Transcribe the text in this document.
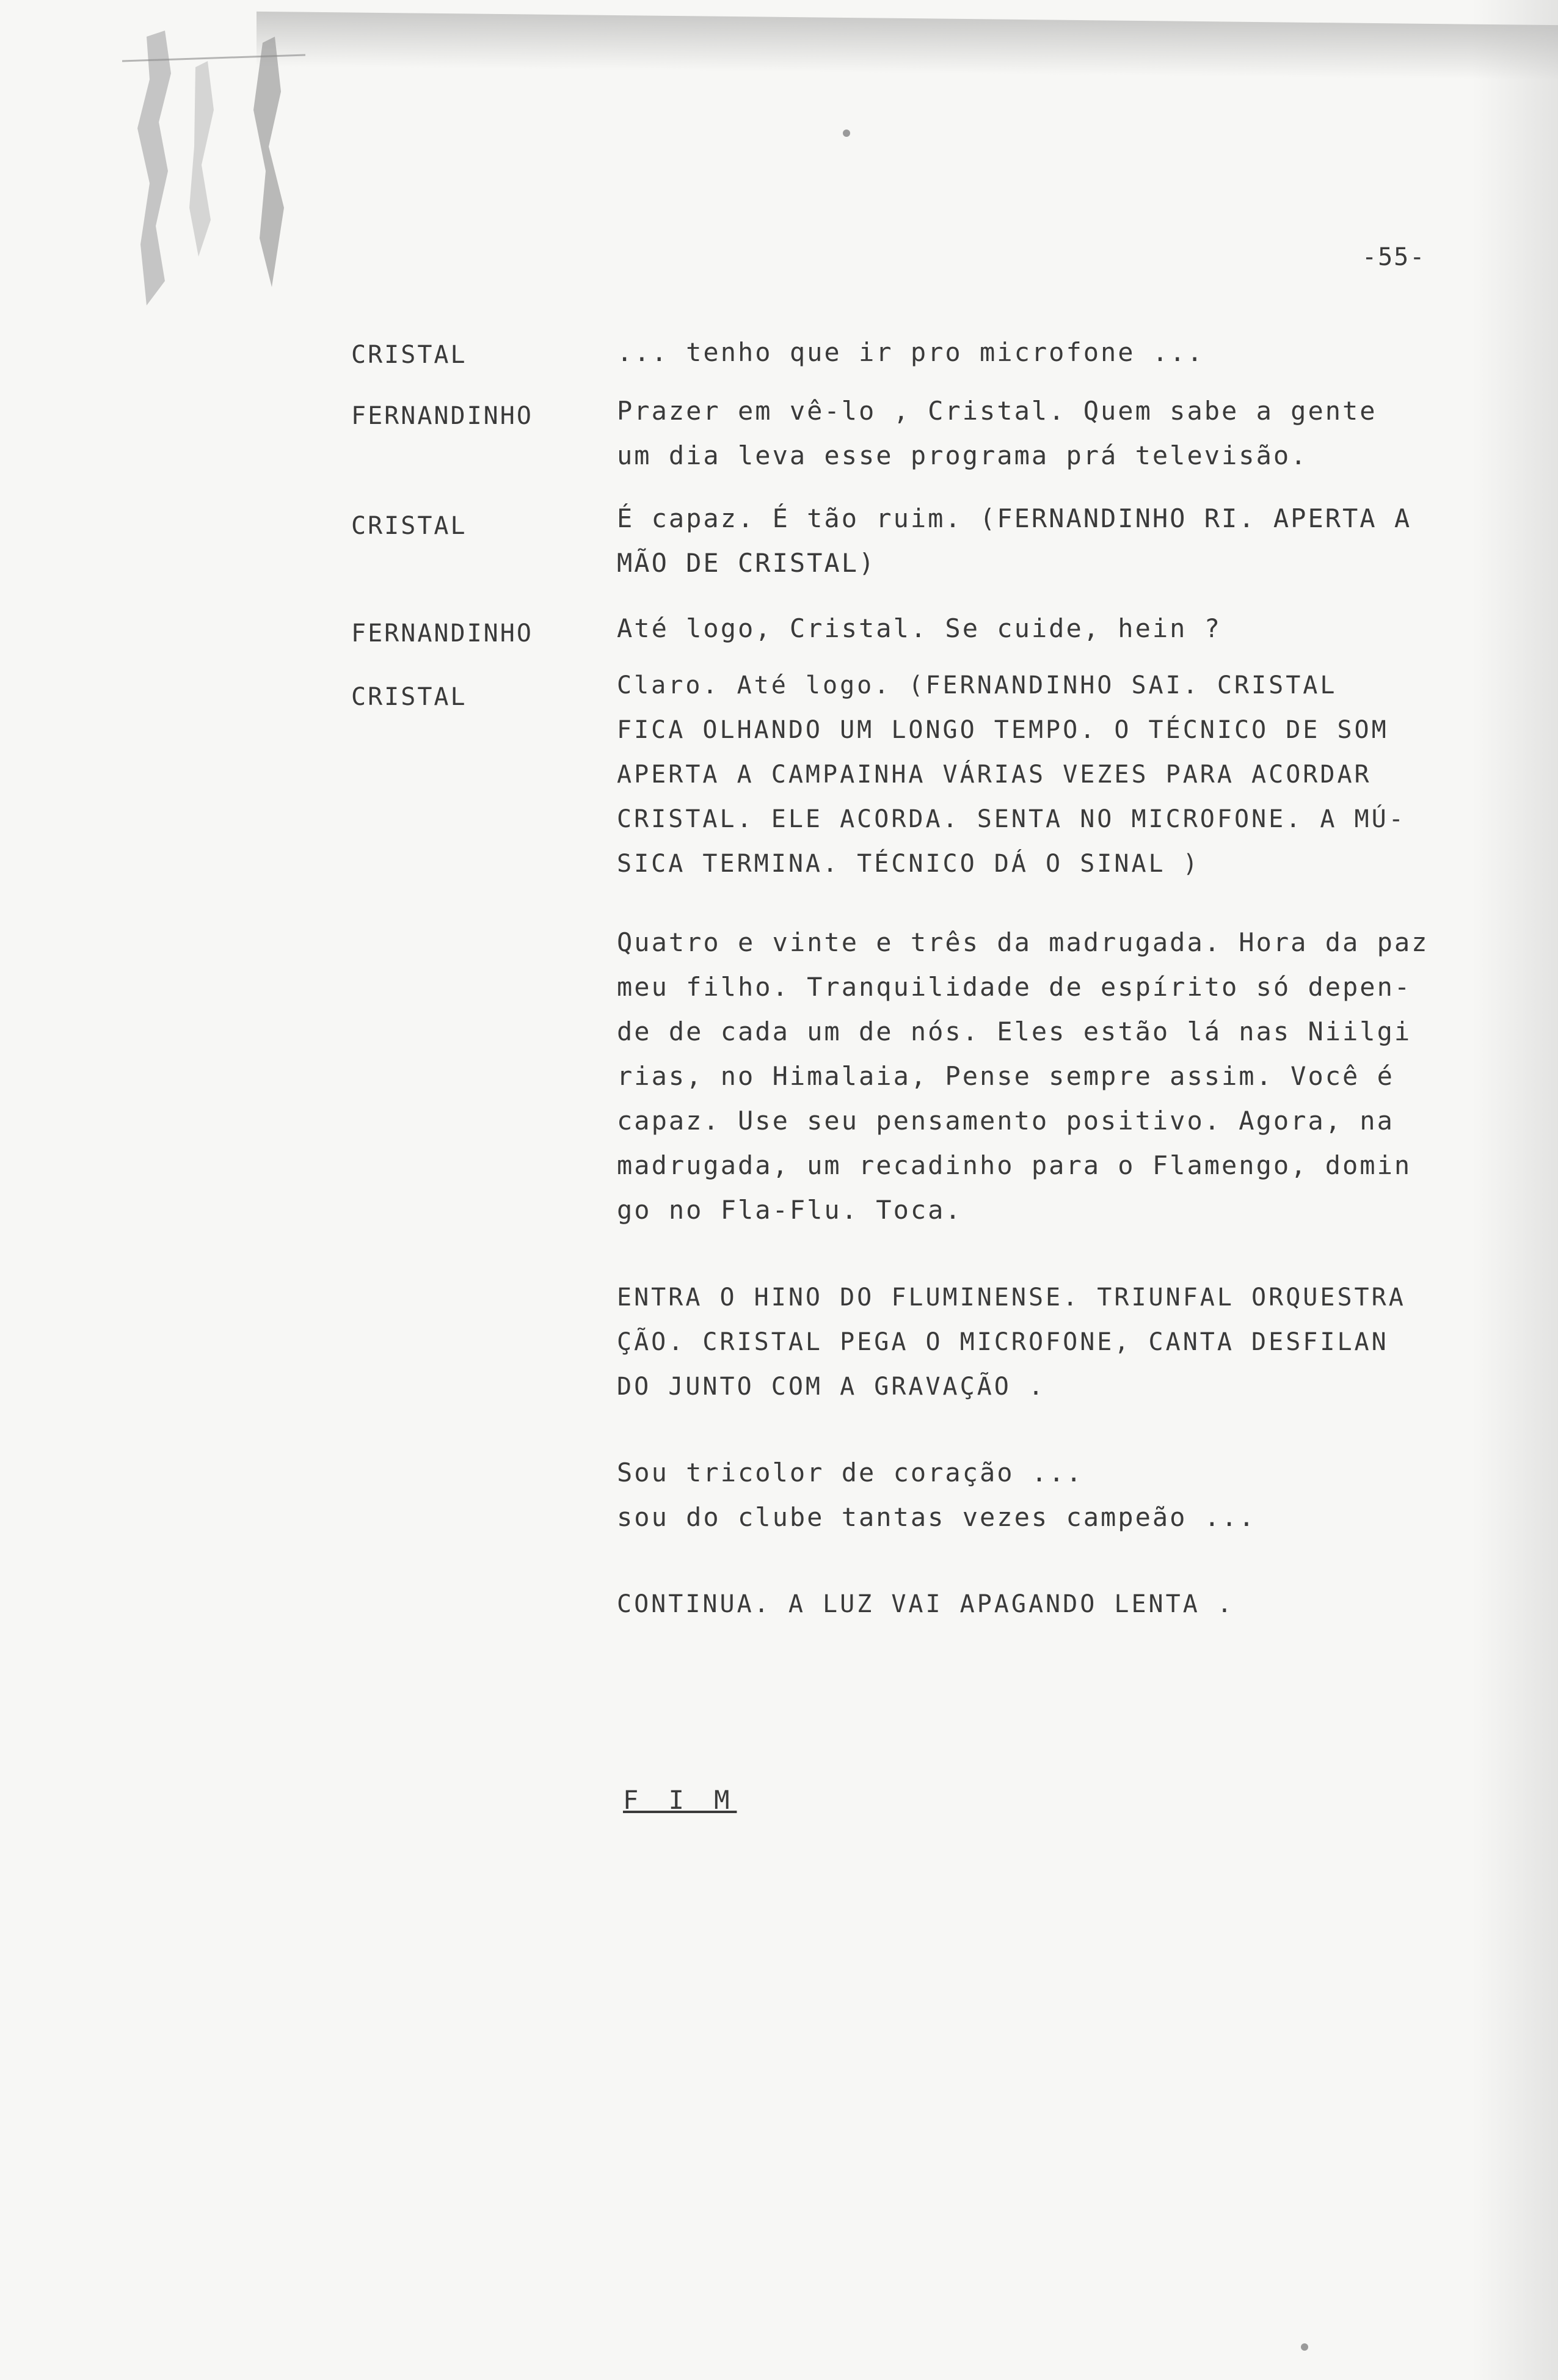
-55-
CRISTAL	... tenho que ir pro microfone ...
FERNANDINHO	Prazer em vê-lo , Cristal. Quem sabe a gente
um dia leva esse programa prá televisão.
CRISTAL	É capaz. É tão ruim. (FERNANDINHO RI. APERTA A
MÃO DE CRISTAL)
FERNANDINHO	Até logo, Cristal. Se cuide, hein ?
CRISTAL	Claro. Até logo. (FERNANDINHO SAI. CRISTAL
FICA OLHANDO UM LONGO TEMPO. O TÉCNICO DE SOM
APERTA A CAMPAINHA VÁRIAS VEZES PARA ACORDAR
CRISTAL. ELE ACORDA. SENTA NO MICROFONE. A MÚ-
SICA TERMINA. TÉCNICO DÁ O SINAL )
Quatro e vinte e três da madrugada. Hora da paz
meu filho. Tranquilidade de espírito só depen-
de de cada um de nós. Eles estão lá nas Niilgi
rias, no Himalaia, Pense sempre assim. Você é
capaz. Use seu pensamento positivo. Agora, na
madrugada, um recadinho para o Flamengo, domin
go no Fla-Flu. Toca.
ENTRA O HINO DO FLUMINENSE. TRIUNFAL ORQUESTRA
ÇÃO. CRISTAL PEGA O MICROFONE, CANTA DESFILAN
DO JUNTO COM A GRAVAÇÃO .
Sou tricolor de coração ...
sou do clube tantas vezes campeão ...
CONTINUA. A LUZ VAI APAGANDO LENTA .
F I M
